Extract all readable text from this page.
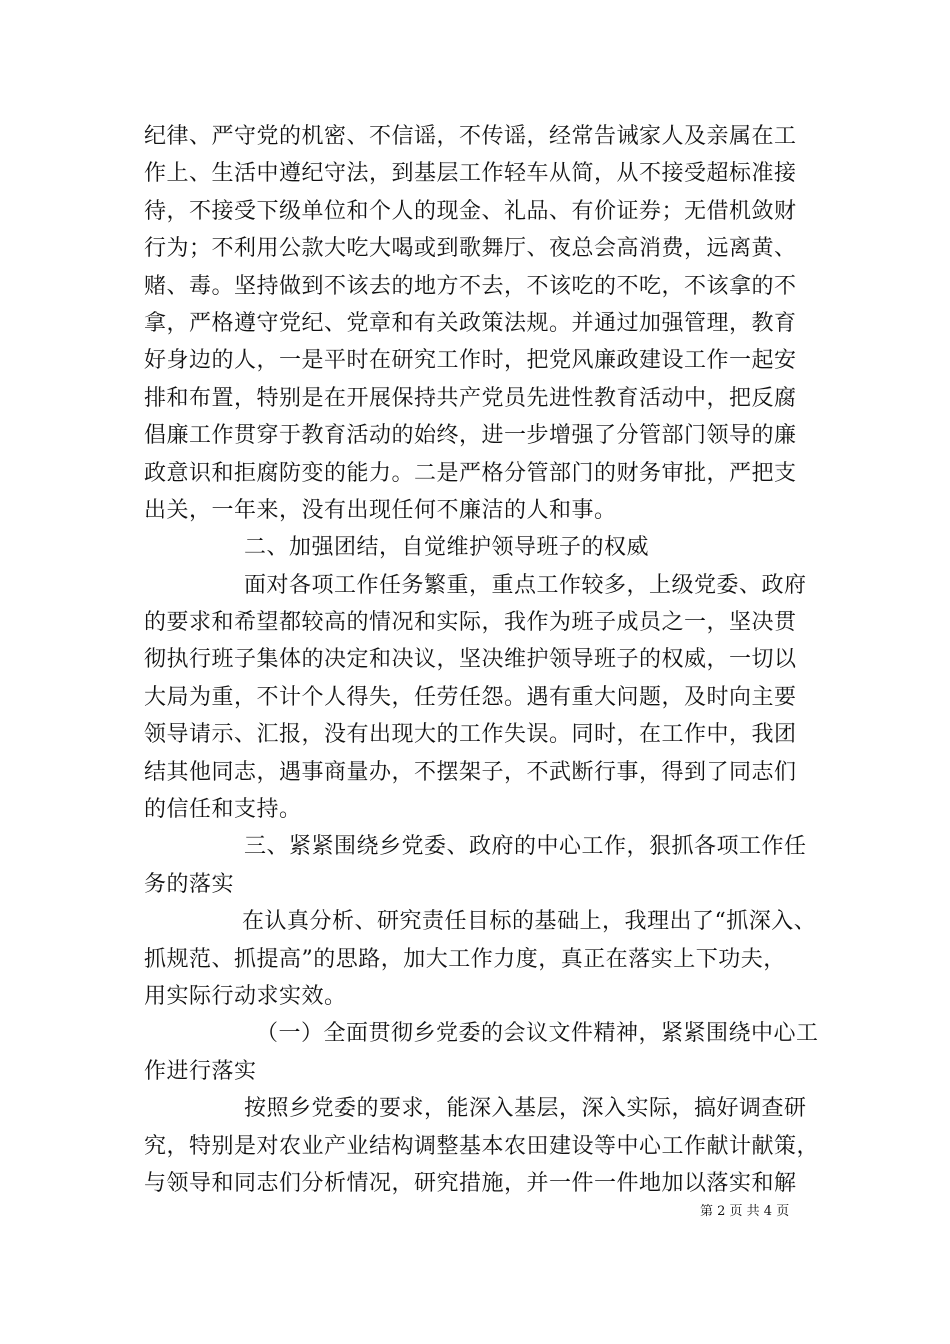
纪律、严守党的机密、不信谣，不传谣，经常告诫家人及亲属在工
作上、生活中遵纪守法，到基层工作轻车从简，从不接受超标准接
待，不接受下级单位和个人的现金、礼品、有价证券；无借机敛财
行为；不利用公款大吃大喝或到歌舞厅、夜总会高消费，远离黄、
赌、毒。坚持做到不该去的地方不去，不该吃的不吃，不该拿的不
拿，严格遵守党纪、党章和有关政策法规。并通过加强管理，教育
好身边的人，一是平时在研究工作时，把党风廉政建设工作一起安
排和布置，特别是在开展保持共产党员先进性教育活动中，把反腐
倡廉工作贯穿于教育活动的始终，进一步增强了分管部门领导的廉
政意识和拒腐防变的能力。二是严格分管部门的财务审批，严把支
出关，一年来，没有出现任何不廉洁的人和事。
二、加强团结，自觉维护领导班子的权威
面对各项工作任务繁重，重点工作较多，上级党委、政府
的要求和希望都较高的情况和实际，我作为班子成员之一，坚决贯
彻执行班子集体的决定和决议，坚决维护领导班子的权威，一切以
大局为重，不计个人得失，任劳任怨。遇有重大问题，及时向主要
领导请示、汇报，没有出现大的工作失误。同时，在工作中，我团
结其他同志，遇事商量办，不摆架子，不武断行事，得到了同志们
的信任和支持。
三、紧紧围绕乡党委、政府的中心工作，狠抓各项工作任
务的落实
在认真分析、研究责任目标的基础上，我理出了“抓深入、
抓规范、抓提高”的思路，加大工作力度，真正在落实上下功夫，
用实际行动求实效。
（一）全面贯彻乡党委的会议文件精神，紧紧围绕中心工
作进行落实
按照乡党委的要求，能深入基层，深入实际，搞好调查研
究，特别是对农业产业结构调整基本农田建设等中心工作献计献策，
与领导和同志们分析情况，研究措施，并一件一件地加以落实和解
第 2 页 共 4 页
